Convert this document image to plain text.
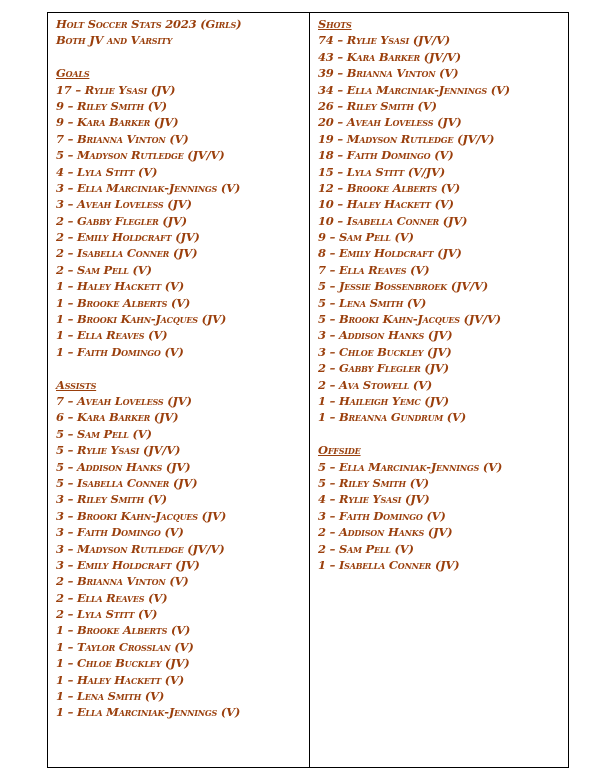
Holt Soccer Stats 2023 (Girls)
Both JV and Varsity
Goals
17 – Rylie Ysasi (JV)
9 – Riley Smith (V)
9 – Kara Barker (JV)
7 – Brianna Vinton (V)
5 – Madyson Rutledge (JV/V)
4 – Lyla Stitt (V)
3 – Ella Marciniak-Jennings (V)
3 – Aveah Loveless (JV)
2 – Gabby Flegler (JV)
2 – Emily Holdcraft (JV)
2 – Isabella Conner (JV)
2 – Sam Pell (V)
1 – Haley Hackett (V)
1 – Brooke Alberts (V)
1 – Brooki Kahn-Jacques (JV)
1 – Ella Reaves (V)
1 – Faith Domingo (V)
Assists
7 – Aveah Loveless (JV)
6 – Kara Barker (JV)
5 – Sam Pell (V)
5 – Rylie Ysasi (JV/V)
5 – Addison Hanks (JV)
5 – Isabella Conner (JV)
3 – Riley Smith (V)
3 – Brooki Kahn-Jacques (JV)
3 – Faith Domingo (V)
3 – Madyson Rutledge (JV/V)
3 – Emily Holdcraft (JV)
2 – Brianna Vinton (V)
2 – Ella Reaves (V)
2 – Lyla Stitt (V)
1 – Brooke Alberts (V)
1 – Taylor Crosslan (V)
1 – Chloe Buckley (JV)
1 – Haley Hackett (V)
1 – Lena Smith (V)
1 – Ella Marciniak-Jennings (V)
Shots
74 – Rylie Ysasi (JV/V)
43 – Kara Barker (JV/V)
39 – Brianna Vinton (V)
34 – Ella Marciniak-Jennings (V)
26 – Riley Smith (V)
20 – Aveah Loveless (JV)
19 – Madyson Rutledge (JV/V)
18 – Faith Domingo (V)
15 – Lyla Stitt (V/JV)
12 – Brooke Alberts (V)
10 – Haley Hackett (V)
10 – Isabella Conner (JV)
9 – Sam Pell (V)
8 – Emily Holdcraft (JV)
7 – Ella Reaves (V)
5 – Jessie Bossenbroek (JV/V)
5 – Lena Smith (V)
5 – Brooki Kahn-Jacques (JV/V)
3 – Addison Hanks (JV)
3 – Chloe Buckley (JV)
2 – Gabby Flegler (JV)
2 – Ava Stowell (V)
1 – Haileigh Yemc (JV)
1 – Breanna Gundrum (V)
Offside
5 – Ella Marciniak-Jennings (V)
5 – Riley Smith (V)
4 – Rylie Ysasi (JV)
3 – Faith Domingo (V)
2 – Addison Hanks (JV)
2 – Sam Pell (V)
1 – Isabella Conner (JV)
